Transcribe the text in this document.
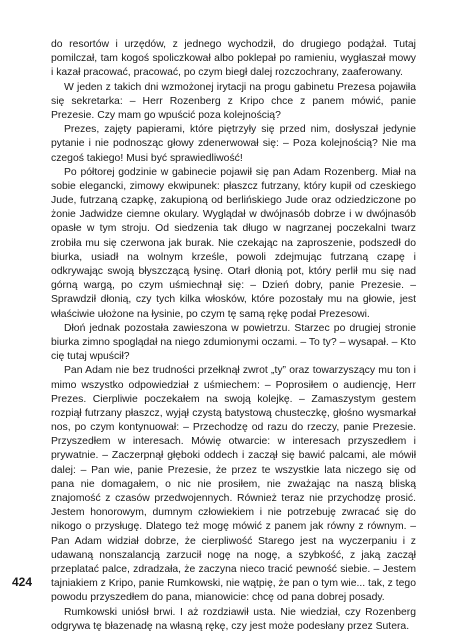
do resortów i urzędów, z jednego wychodził, do drugiego podążał. Tutaj pomilczał, tam kogoś spoliczkował albo poklepał po ramieniu, wygłaszał mowy i kazał pracować, pracować, po czym biegł dalej rozczochrany, zaaferowany.

W jeden z takich dni wzmożonej irytacji na progu gabinetu Prezesa pojawiła się sekretarka: – Herr Rozenberg z Kripo chce z panem mówić, panie Prezesie. Czy mam go wpuścić poza kolejnością?

Prezes, zajęty papierami, które piętrzyły się przed nim, dosłyszał jedynie pytanie i nie podnosząc głowy zdenerwował się: – Poza kolejnością? Nie ma czegoś takiego! Musi być sprawiedliwość!

Po półtorej godzinie w gabinecie pojawił się pan Adam Rozenberg. Miał na sobie elegancki, zimowy ekwipunek: płaszcz futrzany, który kupił od czeskiego Jude, futrzaną czapkę, zakupioną od berlińskiego Jude oraz odziedziczone po żonie Jadwidze ciemne okulary. Wyglądał w dwójnasób dobrze i w dwójnasób opasłe w tym stroju. Od siedzenia tak długo w nagrzanej poczekalni twarz zrobiła mu się czerwona jak burak. Nie czekając na zaproszenie, podszedł do biurka, usiadł na wolnym krześle, powoli zdejmując futrzaną czapę i odkrywając swoją błyszczącą łysinę. Otarł dłonią pot, który perlił mu się nad górną wargą, po czym uśmiechnął się: – Dzień dobry, panie Prezesie. – Sprawdził dłonią, czy tych kilka włosków, które pozostały mu na głowie, jest właściwie ułożone na łysinie, po czym tę samą rękę podał Prezesowi.

Dłoń jednak pozostała zawieszona w powietrzu. Starzec po drugiej stronie biurka zimno spoglądał na niego zdumionymi oczami. – To ty? – wysapał. – Kto cię tutaj wpuścił?

Pan Adam nie bez trudności przełknął zwrot „ty” oraz towarzyszący mu ton i mimo wszystko odpowiedział z uśmiechem: – Poprosiłem o audiencję, Herr Prezes. Cierpliwie poczekałem na swoją kolejkę. – Zamaszystym gestem rozpiął futrzany płaszcz, wyjął czystą batystową chusteczkę, głośno wysmarkał nos, po czym kontynuował: – Przechodzę od razu do rzeczy, panie Prezesie. Przyszedłem w interesach. Mówię otwarcie: w interesach przyszedłem i prywatnie. – Zaczerpnął głęboki oddech i zaczął się bawić palcami, ale mówił dalej: – Pan wie, panie Prezesie, że przez te wszystkie lata niczego się od pana nie domagałem, o nic nie prosiłem, nie zważając na naszą bliską znajomość z czasów przedwojennych. Również teraz nie przychodzę prosić. Jestem honorowym, dumnym człowiekiem i nie potrzebuję zwracać się do nikogo o przysługę. Dlatego też mogę mówić z panem jak równy z równym. – Pan Adam widział dobrze, że cierpliwość Starego jest na wyczerpaniu i z udawaną nonszalancją zarzucił nogę na nogę, a szybkość, z jaką zaczął przeplatać palce, zdradzała, że zaczyna nieco tracić pewność siebie. – Jestem tajniakiem z Kripo, panie Rumkowski, nie wątpię, że pan o tym wie... tak, z tego powodu przyszedłem do pana, mianowicie: chcę od pana dobrej posady.

Rumkowski uniósł brwi. I aż rozdziawił usta. Nie wiedział, czy Rozenberg odgrywa tę błazenadę na własną rękę, czy jest może podesłany przez Sutera.

424
